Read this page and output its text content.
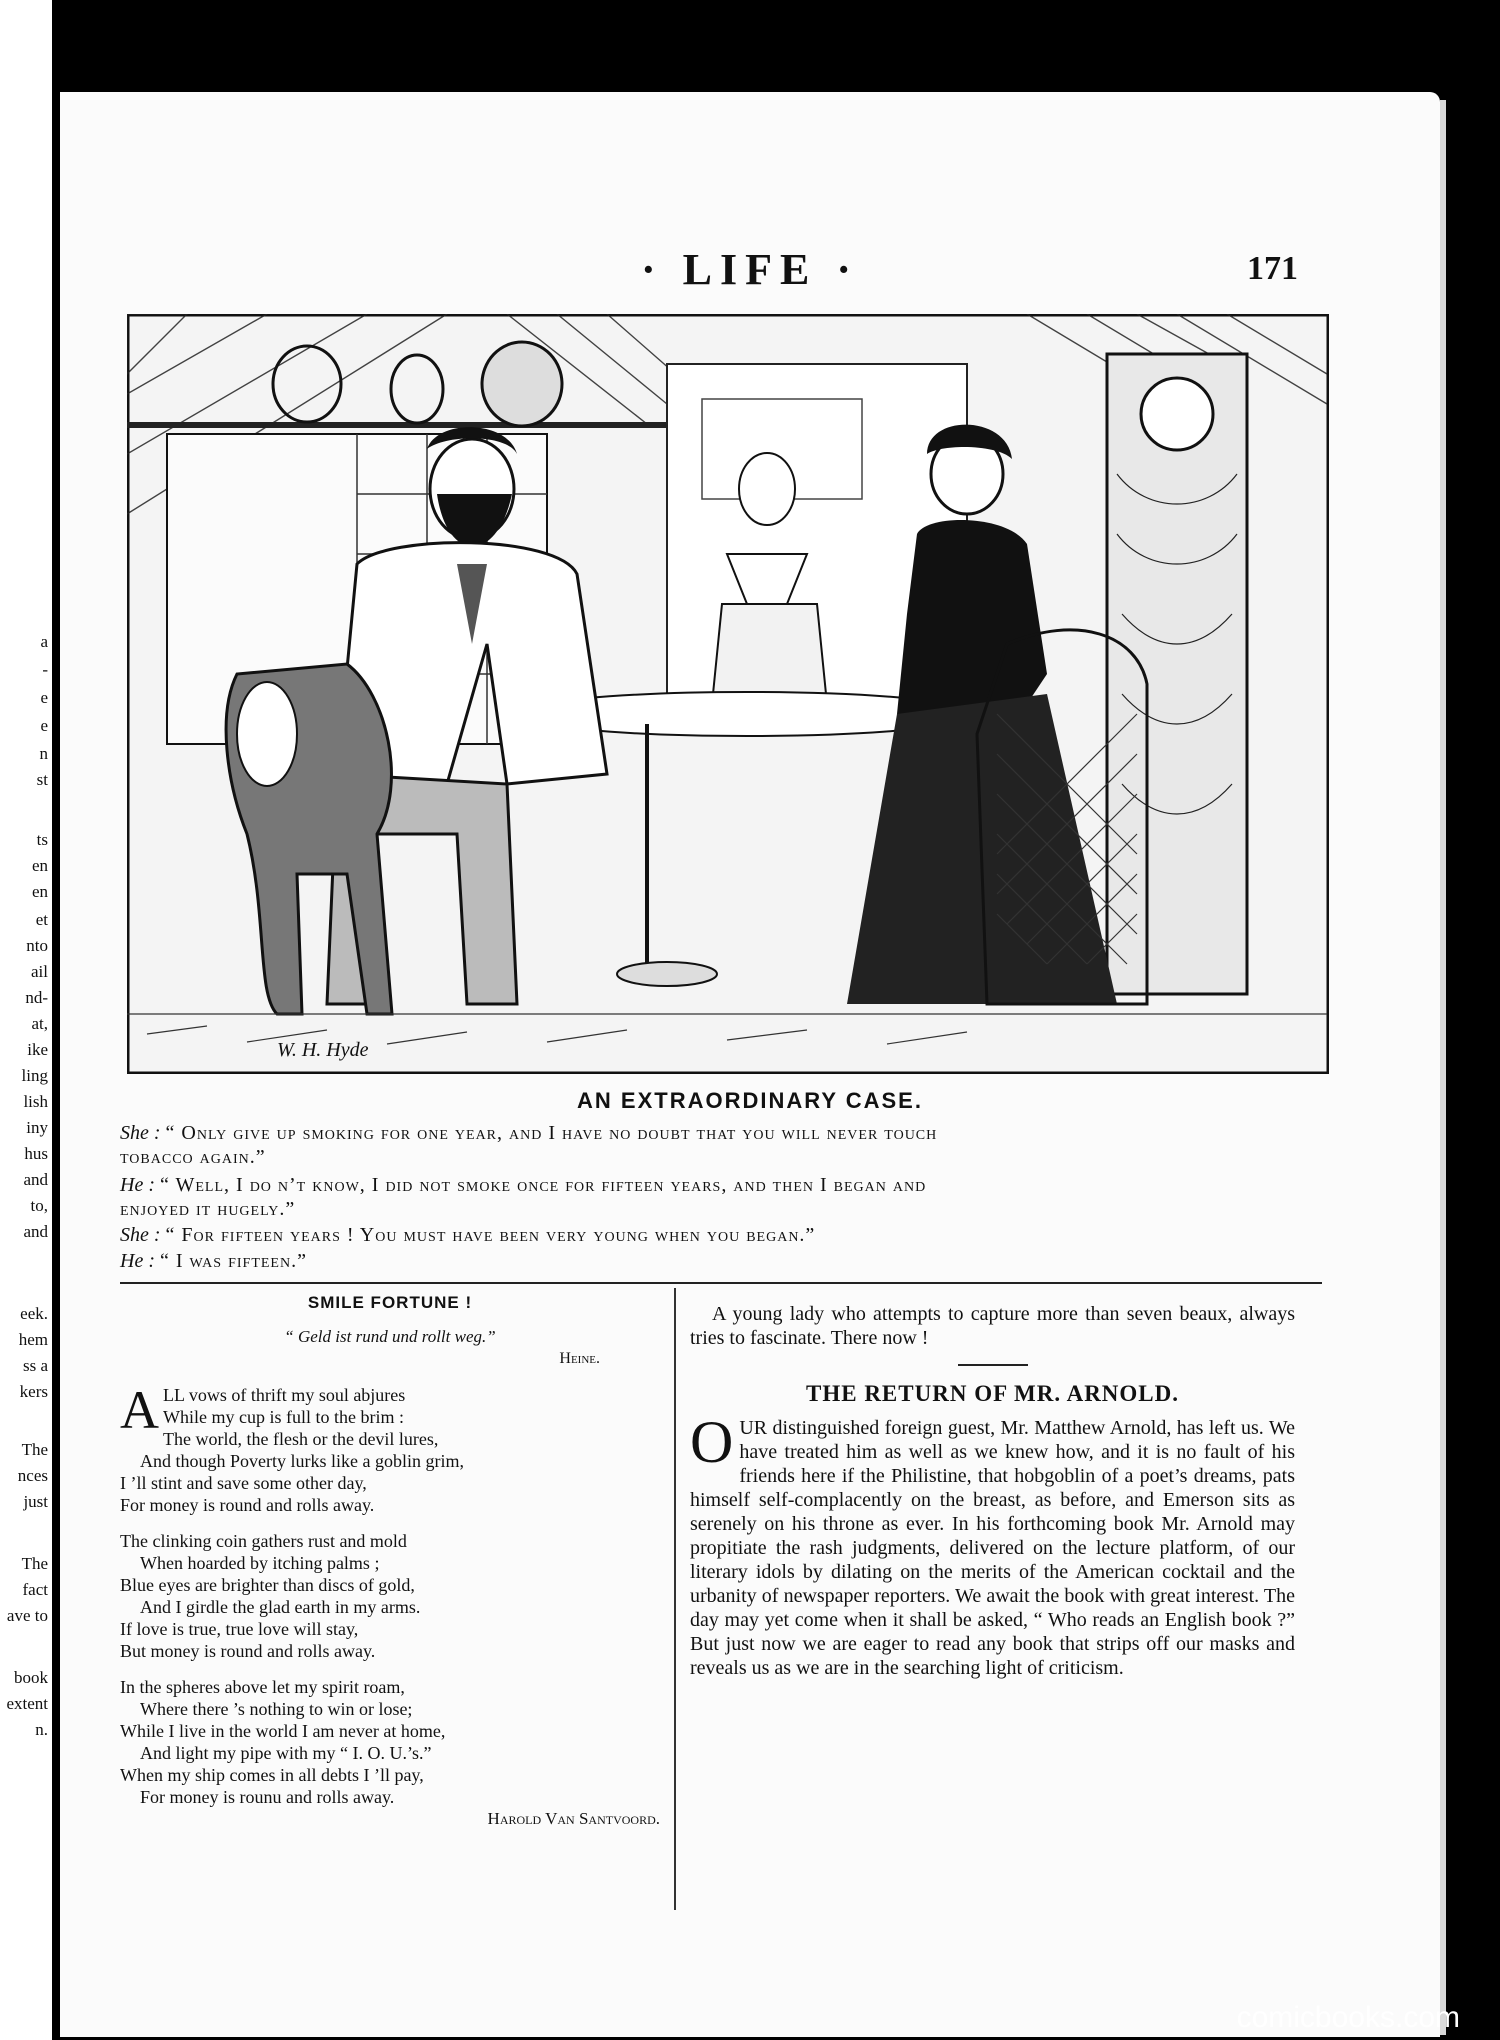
a
-
e
e
n
st
ts
en
en
et
nto
ail
nd-
at,
ike
ling
lish
iny
hus
and
to,
and
eek.
hem
ss a
kers
The
nces
just
The
fact
ave to
book
extent
n.
· LIFE ·	171
W. H. Hyde
AN EXTRAORDINARY CASE.
She : “ Only give up smoking for one year, and I have no doubt that you will never touch
tobacco again.”
He : “ Well, I do n’t know, I did not smoke once for fifteen years, and then I began and
enjoyed it hugely.”
She : “ For fifteen years ! You must have been very young when you began.”
He : “ I was fifteen.”
SMILE FORTUNE !
“ Geld ist rund und rollt weg.”
Heine.
A LL vows of thrift my soul abjures
While my cup is full to the brim :
The world, the flesh or the devil lures,
And though Poverty lurks like a goblin grim,
I ’ll stint and save some other day,
For money is round and rolls away.
The clinking coin gathers rust and mold
When hoarded by itching palms ;
Blue eyes are brighter than discs of gold,
And I girdle the glad earth in my arms.
If love is true, true love will stay,
But money is round and rolls away.
In the spheres above let my spirit roam,
Where there ’s nothing to win or lose;
While I live in the world I am never at home,
And light my pipe with my “ I. O. U.’s.”
When my ship comes in all debts I ’ll pay,
For money is rounu and rolls away.
Harold Van Santvoord.
A young lady who attempts to capture more than seven beaux, always tries to fascinate. There now !
THE RETURN OF MR. ARNOLD.
O UR distinguished foreign guest, Mr. Matthew Arnold, has left us. We have treated him as well as we knew how, and it is no fault of his friends here if the Philistine, that hobgoblin of a poet’s dreams, pats himself self-complacently on the breast, as before, and Emerson sits as serenely on his throne as ever. In his forthcoming book Mr. Arnold may propitiate the rash judgments, delivered on the lecture platform, of our literary idols by dilating on the merits of the American cocktail and the urbanity of newspaper reporters. We await the book with great interest. The day may yet come when it shall be asked, “ Who reads an English book ?” But just now we are eager to read any book that strips off our masks and reveals us as we are in the searching light of criticism.
comicbooks.com
